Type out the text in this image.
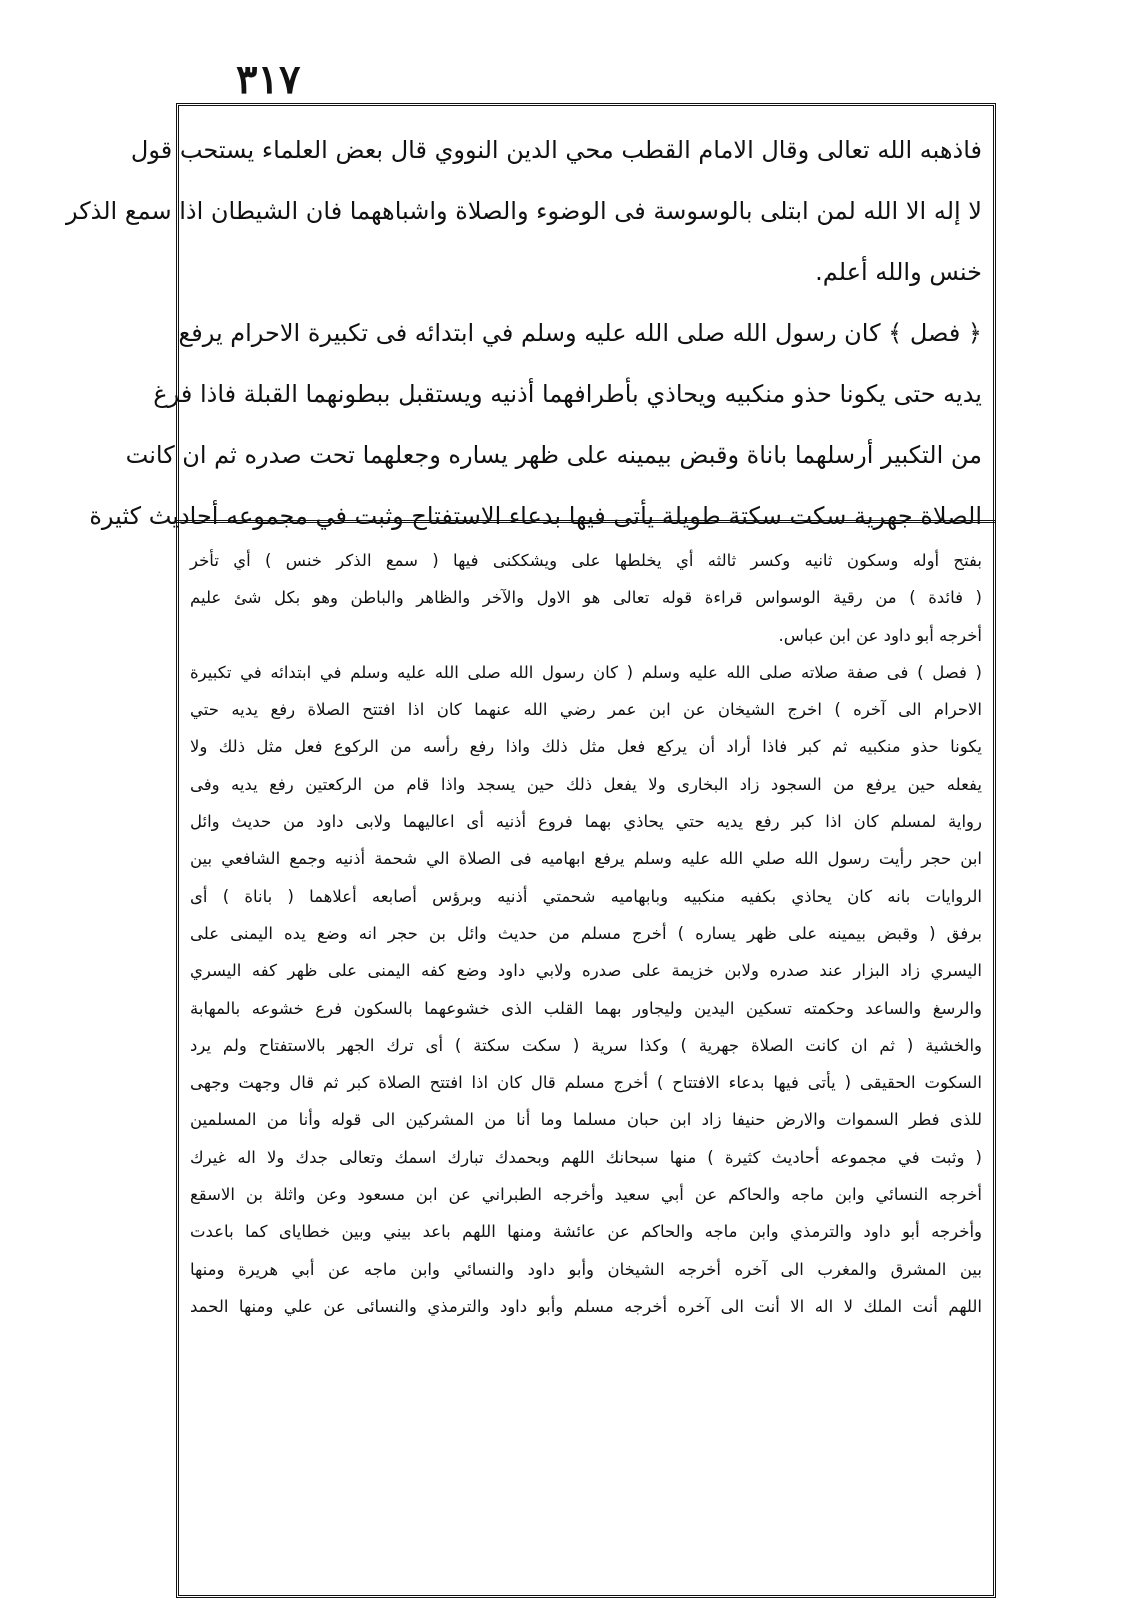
٣١٧
فاذهبه الله تعالى وقال الامام القطب محي الدين النووي قال بعض العلماء يستحب قول
لا إله الا الله لمن ابتلى بالوسوسة فى الوضوء والصلاة واشباههما فان الشيطان اذا سمع الذكر
خنس والله أعلم.
﴿ فصل ﴾ كان رسول الله صلى الله عليه وسلم في ابتدائه فى تكبيرة الاحرام يرفع
يديه حتى يكونا حذو منكبيه ويحاذي بأطرافهما أذنيه ويستقبل ببطونهما القبلة فاذا فرغ
من التكبير أرسلهما باناة وقبض بيمينه على ظهر يساره وجعلهما تحت صدره ثم ان كانت
الصلاة جهرية سكت سكتة طويلة يأتى فيها بدعاء الاستفتاح وثبت في مجموعه أحاديث كثيرة
بفتح أوله وسكون ثانيه وكسر ثالثه أي يخلطها على ويشككنى فيها ( سمع الذكر خنس ) أي تأخر
( فائدة ) من رقية الوسواس قراءة قوله تعالى هو الاول والآخر والظاهر والباطن وهو بكل شئ عليم
أخرجه أبو داود عن ابن عباس.
( فصل ) فى صفة صلاته صلى الله عليه وسلم ( كان رسول الله صلى الله عليه وسلم في ابتدائه في تكبيرة
الاحرام الى آخره ) اخرج الشيخان عن ابن عمر رضي الله عنهما كان اذا افتتح الصلاة رفع يديه حتي
يكونا حذو منكبيه ثم كبر فاذا أراد أن يركع فعل مثل ذلك واذا رفع رأسه من الركوع فعل مثل ذلك ولا
يفعله حين يرفع من السجود زاد البخارى ولا يفعل ذلك حين يسجد واذا قام من الركعتين رفع يديه وفى
رواية لمسلم كان اذا كبر رفع يديه حتي يحاذي بهما فروع أذنيه أى اعاليهما ولابى داود من حديث وائل
ابن حجر رأيت رسول الله صلي الله عليه وسلم يرفع ابهاميه فى الصلاة الي شحمة أذنيه وجمع الشافعي بين
الروايات بانه كان يحاذي بكفيه منكبيه وبابهاميه شحمتي أذنيه وبرؤس أصابعه أعلاهما ( باناة ) أى
برفق ( وقبض بيمينه على ظهر يساره ) أخرج مسلم من حديث وائل بن حجر انه وضع يده اليمنى على
اليسري زاد البزار عند صدره ولابن خزيمة على صدره ولابي داود وضع كفه اليمنى على ظهر كفه اليسري
والرسغ والساعد وحكمته تسكين اليدين وليجاور بهما القلب الذى خشوعهما بالسكون فرع خشوعه بالمهابة
والخشية ( ثم ان كانت الصلاة جهرية ) وكذا سرية ( سكت سكتة ) أى ترك الجهر بالاستفتاح ولم يرد
السكوت الحقيقى ( يأتى فيها بدعاء الافتتاح ) أخرج مسلم قال كان اذا افتتح الصلاة كبر ثم قال وجهت وجهى
للذى فطر السموات والارض حنيفا زاد ابن حبان مسلما وما أنا من المشركين الى قوله وأنا من المسلمين
( وثبت في مجموعه أحاديث كثيرة ) منها سبحانك اللهم وبحمدك تبارك اسمك وتعالى جدك ولا اله غيرك
أخرجه النسائي وابن ماجه والحاكم عن أبي سعيد وأخرجه الطبراني عن ابن مسعود وعن واثلة بن الاسقع
وأخرجه أبو داود والترمذي وابن ماجه والحاكم عن عائشة ومنها اللهم باعد بيني وبين خطاياى كما باعدت
بين المشرق والمغرب الى آخره أخرجه الشيخان وأبو داود والنسائي وابن ماجه عن أبي هريرة ومنها
اللهم أنت الملك لا اله الا أنت الى آخره أخرجه مسلم وأبو داود والترمذي والنسائى عن علي ومنها الحمد
